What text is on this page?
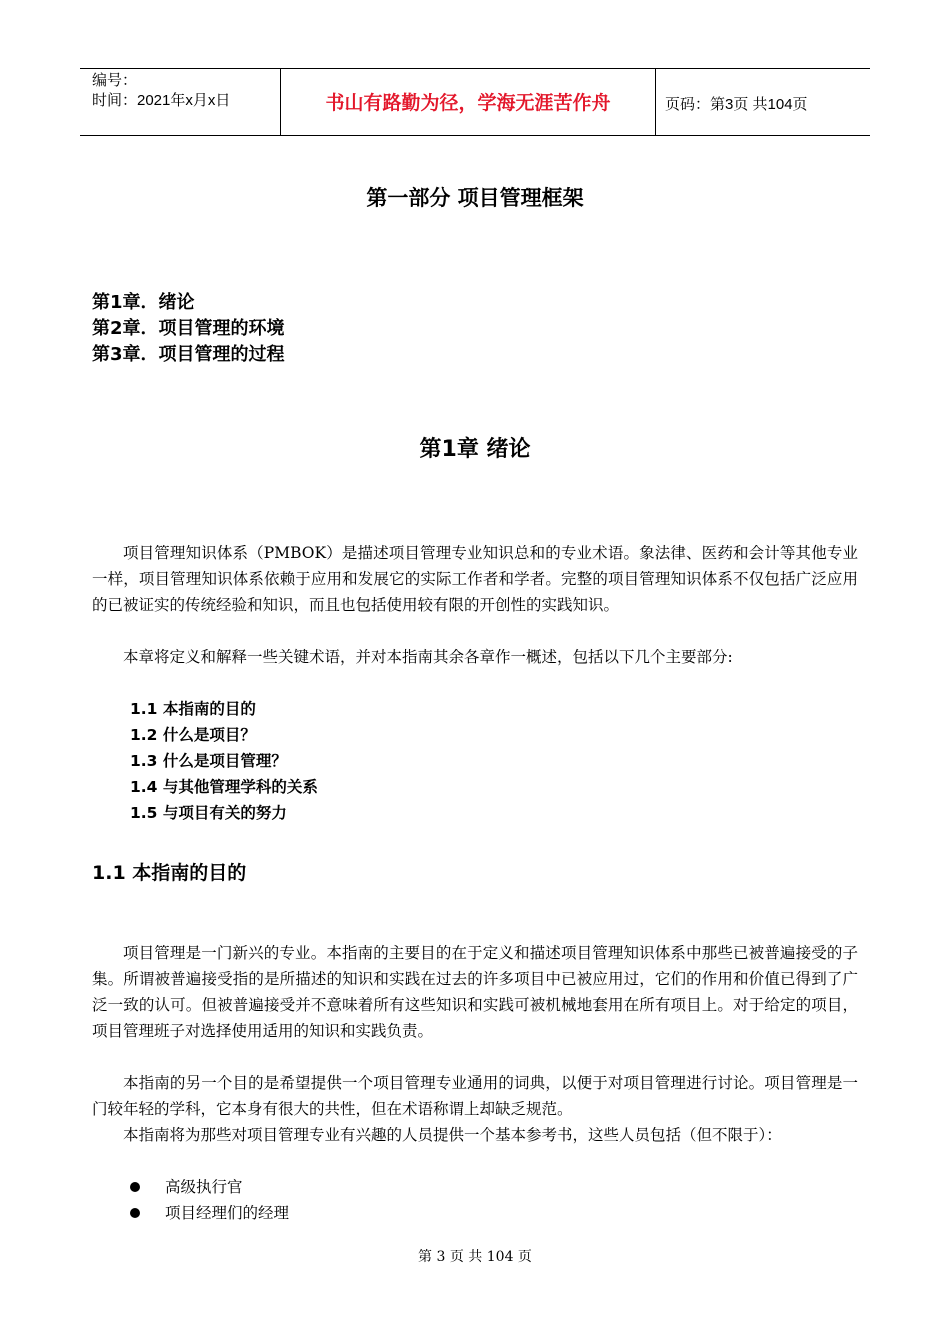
编号：
时间：2021年x月x日	书山有路勤为径，学海无涯苦作舟	页码：第3页 共104页
第一部分 项目管理框架
第1章．绪论
第2章．项目管理的环境
第3章．项目管理的过程
第1章 绪论
项目管理知识体系（PMBOK）是描述项目管理专业知识总和的专业术语。象法律、医药和会计等其他专业一样，项目管理知识体系依赖于应用和发展它的实际工作者和学者。完整的项目管理知识体系不仅包括广泛应用的已被证实的传统经验和知识，而且也包括使用较有限的开创性的实践知识。
本章将定义和解释一些关键术语，并对本指南其余各章作一概述，包括以下几个主要部分:
1.1 本指南的目的
1.2 什么是项目？
1.3 什么是项目管理？
1.4 与其他管理学科的关系
1.5 与项目有关的努力
1.1 本指南的目的
项目管理是一门新兴的专业。本指南的主要目的在于定义和描述项目管理知识体系中那些已被普遍接受的子集。所谓被普遍接受指的是所描述的知识和实践在过去的许多项目中已被应用过，它们的作用和价值已得到了广泛一致的认可。但被普遍接受并不意味着所有这些知识和实践可被机械地套用在所有项目上。对于给定的项目，项目管理班子对选择使用适用的知识和实践负责。
本指南的另一个目的是希望提供一个项目管理专业通用的词典，以便于对项目管理进行讨论。项目管理是一门较年轻的学科，它本身有很大的共性，但在术语称谓上却缺乏规范。
本指南将为那些对项目管理专业有兴趣的人员提供一个基本参考书，这些人员包括（但不限于）：
高级执行官
项目经理们的经理
第 3 页 共 104 页
